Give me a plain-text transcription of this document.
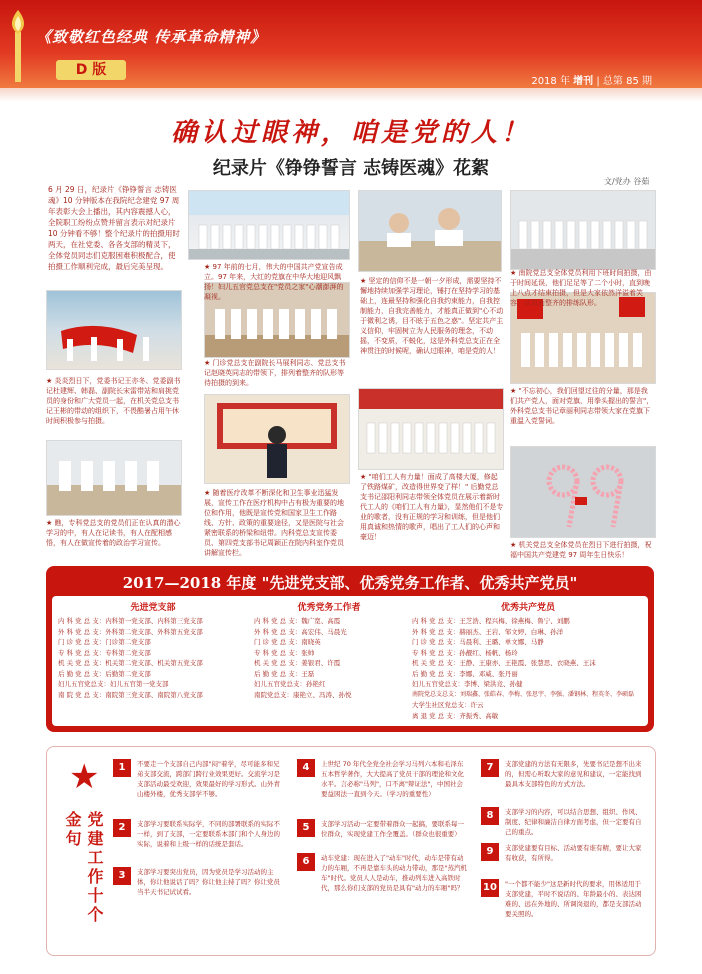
《致敬红色经典 传承革命精神》
D 版
2018 年 增刊 | 总第 85 期
确认过眼神，咱是党的人！
纪录片《铮铮誓言 志铸医魂》花絮
文/党办 谷茹
6 月 29 日，纪录片《铮铮誓言 志铸医魂》10 分钟版本在我院纪念建党 97 周年表彰大会上播出，其内容震撼人心，全院职工纷纷点赞并留言表示对纪录片 10 分钟看不够！整个纪录片的拍摄用时两天，在社党委、各各支部的精灵下，全体党员同志们克服困难积极配合，使拍摄工作顺利完成，最后完美呈现。
★ 炎炎烈日下，党委书记王亦冬、党委副书记杜建辉、韩磊、副院长宋雷带站和肩挑党员的身份和广大党员一起，在机关党总支书记王彬的带动的组织下，不畏酷暑占用午休时间积极参与拍摄。
★ 97 年前的七月，伟大的中国共产党宣告成立。97 年来，大红的党旗在中华大地迎风飘扬！妇儿五官党总支在"党员之家"心潮澎湃的凝视。
★ 坚定的信仰不是一朝一夕形成，需要坚持不懈地持续加强学习理论，锤打在坚持学习的基础上，连最坚持和强化自我约束能力，自我控制能力，自我完善能力，才能真正做到"心不动于微利之诱，目不眩于五色之惑"。坚定共产主义信仰，牢固树立为人民服务的理念，不动摇，不变质，不蜕化，这是外科党总支正在全神贯注的时候呢，确认过眼神，咱是党的人！
★ 南院党总支全体党员利用下班时间拍摄，由于时间延误，他们足足等了二个小时，直到晚上八点才结束拍摄，但是大家依然洋溢着笑容，认真而整齐的排练队形。
★ 门诊党总支在副院长马展利同志、党总支书记赵晓英同志的带领下，排列着整齐的队形等待拍摄的到来。
★ "不忘初心，我们回望过往的分量，那是我们共产党人，面对党旗，用拳头握出的誓言"，外科党总支书记章丽利同志带领大家在党旗下重温入党誓词。
★ 随着医疗改革不断深化和卫生事业迅猛发展，宣传工作在医疗机构中占有极为重要的地位和作用，他既是宣传党和国家卫生工作路线、方针、政策的重要途径，又是医院与社会紧密联系的桥梁和纽带。内科党总支宣传委员、第四党支部书记周颖正在院内科室作党员讲解宣传栏。
★ 瞧，专科党总支的党员们正在认真的潜心学习的中，有人在记读书，有人在配相感悟，有人在做宣传着的政治学习宣传。
★ "咱们工人有力量！面成了高楼大厦，修起了铁路煤矿，改造得世界变了样！" 后勤党总支书记邵阳利同志带领全体党员在展示着新时代工人的《咱们工人有力量》，显然他们不是专业的歌者，没有正规的学习和训练，但是他们用真诚和热情的歌声，唱出了工人们的心声和豪迈！
★ 机关党总支全体党员在烈日下进行拍摄，祝福中国共产党建党 97 周年生日快乐！
2017—2018 年度 "先进党支部、优秀党务工作者、优秀共产党员"
先进党支部
内 科 党 总 支：内科第一党支部、内科第三党支部
外 科 党 总 支：外科第二党支部、外科第五党支部
门 诊 党 总 支：门诊第二党支部
专 科 党 总 支：专科第二党支部
机 关 党 总 支：机关第二党支部、机关第五党支部
后 勤 党 总 支：后勤第二党支部
妇儿五官党总支：妇儿五官第一党支部
南 院 党 总 支：南院第三党支部、南院第八党支部
优秀党务工作者
内 科 党 总 支：魏广宽、高霞
外 科 党 总 支：高宏伟、马晨光
门 诊 党 总 支：南晓英
专 科 党 总 支：张帅
机 关 党 总 支：姜银君、许霞
后 勤 党 总 支：王磊
妇儿五官党总支：孙艳红
南院党总支：康艳立、冯涛、孙悦
优秀共产党员
内 科 党 总 支：王芝浩、程兴梅、徐燕梅、鲁宁、刘鹏
外 科 党 总 支：赫丽杰、王岩、邹文婷、白琳、孙洋
门 诊 党 总 支：马晨利、王璐、单文娜、马静
专 科 党 总 支：孙靓红、杨帆、杨玲
机 关 党 总 支：王静、王康亦、王艳霞、张慧思、衣晓燕、王沫
后 勤 党 总 支：李娜、邓威、张丹丽
妇儿五官党总支：李博、梁洪竞、孙健
南院党总支总支：刘瑞鑫、张皓春、李梅、张思宇、李强、潘钢林、程英冬、李硕磊
大学生社区党总支：许云
离 退 党 总 支：齐振秀、高敏
★
党建工作十个金句
1	不要走一个支部自己内部"闷"着学，尽可能多和兄弟支部交流，跨部门跨行业效果更好。交流学习是支部活动最受欢迎，效果最好的学习形式。山外青山楼外楼，优秀支部学不够。
2	支部学习要联系实际学，不同的部署联系的实际不一样，到了支部，一定要联系本部门和个人身边的实际，说着和上级一样的话统是套话。
3	支部学习要突出党员，因为党员是学习活动的主体，你让他说话了吗？你让他主持了吗？你让党员当半天书记试试看。
4	上世纪 70 年代全党全社会学习马列六本和毛泽东五本哲学著作，大大提高了党员干部的理论和文化水平。言必称"马列"，口不离"辩证法"，中国社会要益困法一直到今天。（学习的重要性）
5	支部学习活动一定要带着群众一起搞，要联系每一位群众，实现党建工作全覆盖。（群众也很重要）
6	动车党建：现在进入了"动车"时代，动车是带有动力的车厢，不再是靠车头的动力带动，那是"蒸汽机车"时代。党员人人是动车，推动列车进入高铁时代，那么你们支部的党员是具有"动力的车厢"吗？
7	支部党建的方法有无限多，先要书记是想不出来的，但需心听取大家的意见和建议，一定能找到最具本支部特色的方式方法。
8	支部学习的内容，可以结合思想、组织、作风、制度、纪律和廉洁自律方面考虑，但一定要有自己的重点。
9	支部党建要有目标、活动要有谁有精，要让大家有收获，有所得。
10	"一个都不能少"这是新时代的要求，用体适用于支部党建，平时不说话的、年龄最小的、表达困难的、远在外地的、所调岗退的，都是支部活动要关照的。
